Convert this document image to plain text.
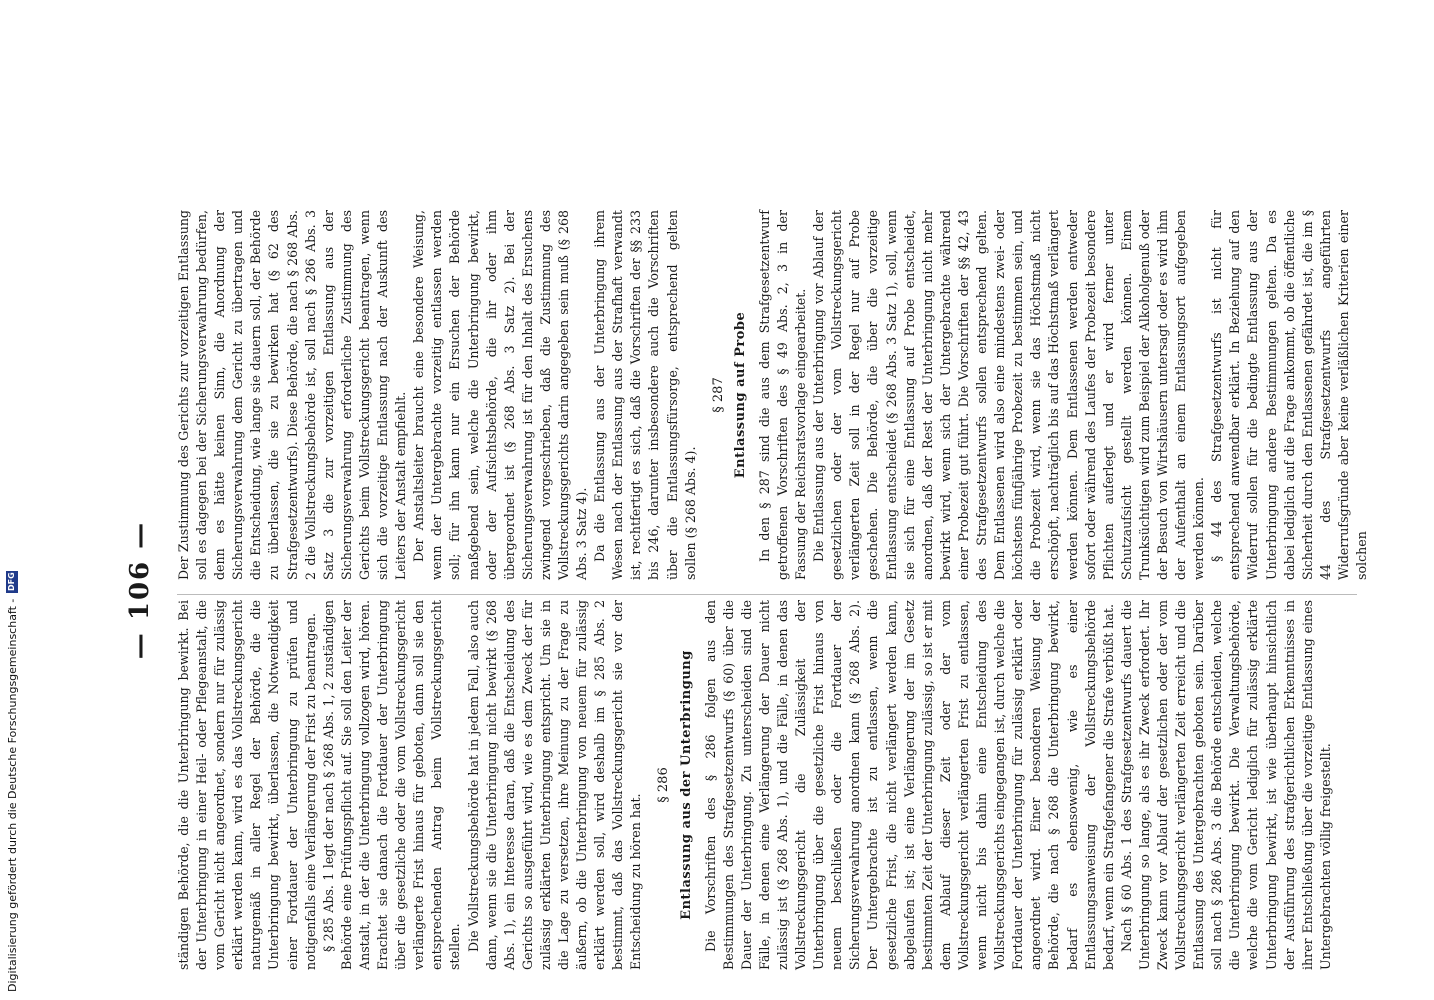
— 106 —

ständigen Behörde, die die Unterbringung bewirkt. Bei der Unterbringung in einer Heil- oder Pflegeanstalt, die vom Gericht nicht angeordnet, sondern nur für zulässig erklärt werden kann, wird es das Vollstreckungsgericht naturgemäß in aller Regel der Behörde, die die Unterbringung bewirkt, überlassen, die Notwendigkeit einer Fortdauer der Unterbringung zu prüfen und notigenfalls eine Verlängerung der Frist zu beantragen. § 285 Abs. 1 legt der nach § 268 Abs. 1, 2 zuständigen Behörde eine Prüfungspflicht auf. Sie soll den Leiter der Anstalt, in der die Unterbringung vollzogen wird, hören. Erachtet sie danach die Fortdauer der Unterbringung über die gesetzliche oder die vom Vollstreckungsgericht verlängerte Frist hinaus für geboten, dann soll sie den entsprechenden Antrag beim Vollstreckungsgericht stellen. Die Vollstreckungsbehörde hat in jedem Fall, also auch dann, wenn sie die Unterbringung nicht bewirkt (§ 268 Abs. 1), ein Interesse daran, daß die Entscheidung des Gerichts so ausgeführt wird, wie es dem Zweck der für zulässig erklärten Unterbringung entspricht. Um sie in die Lage zu versetzen, ihre Meinung zu der Frage zu äußern, ob die Unterbringung von neuem für zulässig erklärt werden soll, wird deshalb im § 285 Abs. 2 bestimmt, daß das Vollstreckungsgericht sie vor der Entscheidung zu hören hat.

§ 286 Entlassung aus der Unterbringung Die Vorschriften des § 286 folgen aus den Bestimmungen des Strafgesetzentwurfs (§ 60) über die Dauer der Unterbringung. Zu unterscheiden sind die Fälle, in denen eine Verlängerung der Dauer nicht zulässig ist (§ 268 Abs. 1), und die Fälle, in denen das Vollstreckungsgericht die Zulässigkeit der Unterbringung über die gesetzliche Frist hinaus von neuem beschließen oder die Fortdauer der Sicherungsverwahrung anordnen kann (§ 268 Abs. 2). Der Untergebrachte ist zu entlassen, wenn die gesetzliche Frist, die nicht verlängert werden kann, abgelaufen ist; ist eine Verlängerung der im Gesetz bestimmten Zeit der Unterbringung zulässig, so ist er mit dem Ablauf dieser Zeit oder der vom Vollstreckungsgericht verlängerten Frist zu entlassen, wenn nicht bis dahin eine Entscheidung des Vollstreckungsgerichts eingegangen ist, durch welche die Fortdauer der Unterbringung für zulässig erklärt oder angeordnet wird. Einer besonderen Weisung der Behörde, die nach § 268 die Unterbringung bewirkt, bedarf es ebensowenig, wie es einer Entlassungsanweisung der Vollstreckungsbehörde bedarf, wenn ein Strafgefangener die Strafe verbüßt hat. Nach § 60 Abs. 1 des Strafgesetzentwurfs dauert die Unterbringung so lange, als es ihr Zweck erfordert. Ihr Zweck kann vor Ablauf der gesetzlichen oder der vom Vollstreckungsgericht verlängerten Zeit erreicht und die Entlassung des Untergebrachten geboten sein. Darüber soll nach § 286 Abs. 3 die Behörde entscheiden, welche die Unterbringung bewirkt. Die Verwaltungsbehörde, welche die vom Gericht lediglich für zulässig erklärte Unterbringung bewirkt, ist wie überhaupt hinsichtlich der Ausführung des strafgerichtlichen Erkenntnisses in ihrer Entschließung über die vorzeitige Entlassung eines Untergebrachten völlig freigestellt.

Der Zustimmung des Gerichts zur vorzeitigen Entlassung soll es dagegen bei der Sicherungsverwahrung bedürfen, denn es hätte keinen Sinn, die Anordnung der Sicherungsverwahrung dem Gericht zu übertragen und die Entscheidung, wie lange sie dauern soll, der Behörde zu überlassen, die sie zu bewirken hat (§ 62 des Strafgesetzentwurfs). Diese Behörde, die nach § 268 Abs. 2 die Vollstreckungsbehörde ist, soll nach § 286 Abs. 3 Satz 3 die zur vorzeitigen Entlassung aus der Sicherungsverwahrung erforderliche Zustimmung des Gerichts beim Vollstreckungsgericht beantragen, wenn sich die vorzeitige Entlassung nach der Auskunft des Leiters der Anstalt empfiehlt. Der Anstaltsleiter braucht eine besondere Weisung, wenn der Untergebrachte vorzeitig entlassen werden soll; für ihn kann nur ein Ersuchen der Behörde maßgebend sein, welche die Unterbringung bewirkt, oder der Aufsichtsbehörde, die ihr oder ihm übergeordnet ist (§ 268 Abs. 3 Satz 2). Bei der Sicherungsverwahrung ist für den Inhalt des Ersuchens zwingend vorgeschrieben, daß die Zustimmung des Vollstreckungsgerichts darin angegeben sein muß (§ 268 Abs. 3 Satz 4). Da die Entlassung aus der Unterbringung ihrem Wesen nach der Entlassung aus der Strafhaft verwandt ist, rechtfertigt es sich, daß die Vorschriften der §§ 233 bis 246, darunter insbesondere auch die Vorschriften über die Entlassungsfürsorge, entsprechend gelten sollen (§ 268 Abs. 4).

§ 287 Entlassung auf Probe In den § 287 sind die aus dem Strafgesetzentwurf getroffenen Vorschriften des § 49 Abs. 2, 3 in der Fassung der Reichsratsvorlage eingearbeitet. Die Entlassung aus der Unterbringung vor Ablauf der gesetzlichen oder der vom Vollstreckungsgericht verlängerten Zeit soll in der Regel nur auf Probe geschehen. Die Behörde, die über die vorzeitige Entlassung entscheidet (§ 268 Abs. 3 Satz 1), soll, wenn sie sich für eine Entlassung auf Probe entscheidet, anordnen, daß der Rest der Unterbringung nicht mehr bewirkt wird, wenn sich der Untergebrachte während einer Probezeit gut führt. Die Vorschriften der §§ 42, 43 des Strafgesetzentwurfs sollen entsprechend gelten. Dem Entlassenen wird also eine mindestens zwei- oder höchstens fünfjährige Probezeit zu bestimmen sein, und die Probezeit wird, wenn sie das Höchstmaß nicht erschöpft, nachträglich bis auf das Höchstmaß verlängert werden können. Dem Entlassenen werden entweder sofort oder während des Laufes der Probezeit besondere Pflichten auferlegt und er wird ferner unter Schutzaufsicht gestellt werden können. Einem Trunksüchtigen wird zum Beispiel der Alkoholgenuß oder der Besuch von Wirtshäusern untersagt oder es wird ihm der Aufenthalt an einem Entlassungsort aufgegeben werden können. § 44 des Strafgesetzentwurfs ist nicht für entsprechend anwendbar erklärt. In Beziehung auf den Widerruf sollen für die bedingte Entlassung aus der Unterbringung andere Bestimmungen gelten. Da es dabei lediglich auf die Frage ankommt, ob die öffentliche Sicherheit durch den Entlassenen gefährdet ist, die im § 44 des Strafgesetzentwurfs angeführten Widerrufsgründe aber keine verläßlichen Kriterien einer solchen

Digitalisierung gefördert durch die Deutsche Forschungsgemeinschaft -
DFG
